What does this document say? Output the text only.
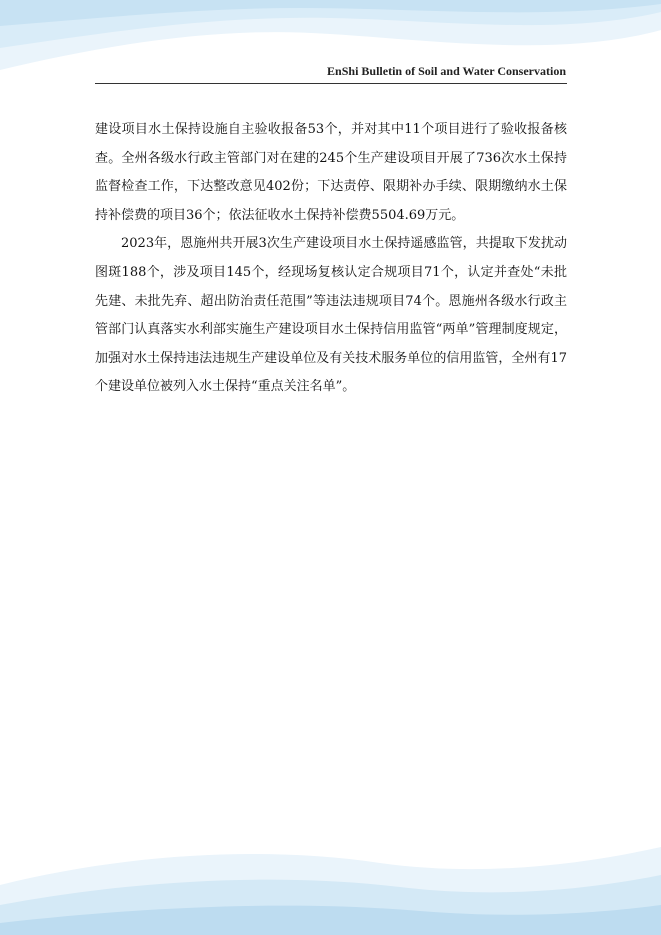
EnShi Bulletin of Soil and Water Conservation

建设项目水土保持设施自主验收报备53个，并对其中11个项目进行了验收报备核查。全州各级水行政主管部门对在建的245个生产建设项目开展了736次水土保持监督检查工作，下达整改意见402份；下达责停、限期补办手续、限期缴纳水土保持补偿费的项目36个；依法征收水土保持补偿费5504.69万元。

2023年，恩施州共开展3次生产建设项目水土保持遥感监管，共提取下发扰动图斑188个，涉及项目145个，经现场复核认定合规项目71个，认定并查处“未批先建、未批先弃、超出防治责任范围”等违法违规项目74个。恩施州各级水行政主管部门认真落实水利部实施生产建设项目水土保持信用监管“两单”管理制度规定，加强对水土保持违法违规生产建设单位及有关技术服务单位的信用监管，全州有17个建设单位被列入水土保持“重点关注名单”。
